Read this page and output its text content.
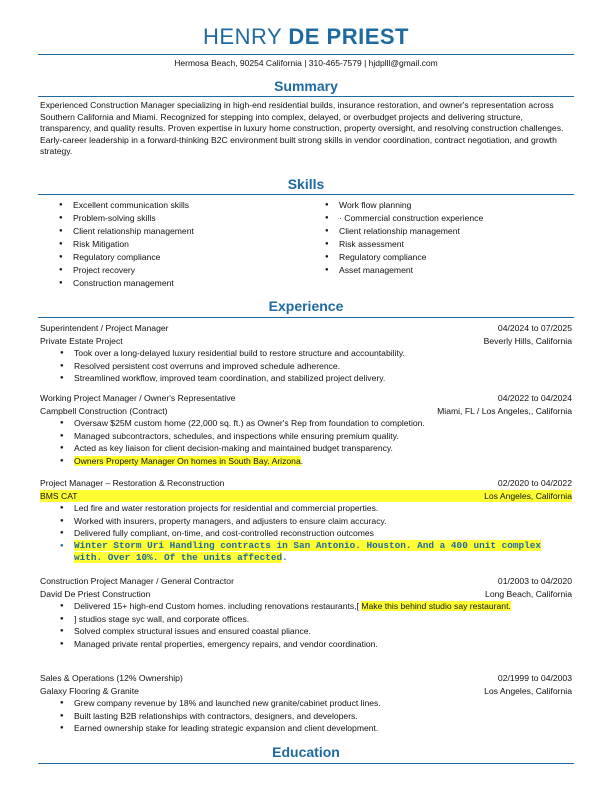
HENRY DE PRIEST
Hermosa Beach, 90254 California | 310-465-7579 | hjdplll@gmail.com
Summary

Experienced Construction Manager specializing in high-end residential builds, insurance restoration, and owner's representation across Southern California and Miami. Recognized for stepping into complex, delayed, or overbudget projects and delivering structure, transparency, and quality results. Proven expertise in luxury home construction, property oversight, and resolving construction challenges. Early-career leadership in a forward-thinking B2C environment built strong skills in vendor coordination, contract negotiation, and growth strategy.

Skills
● Excellent communication skills
● Problem-solving skills
● Client relationship management
● Risk Mitigation
● Regulatory compliance
● Project recovery
● Construction management
● Work flow planning
● · Commercial construction experience
● Client relationship management
● Risk assessment
● Regulatory compliance
● Asset management
Experience
Superintendent / Project Manager	04/2024 to 07/2025
Private Estate Project	Beverly Hills, California
● Took over a long-delayed luxury residential build to restore structure and accountability.
● Resolved persistent cost overruns and improved schedule adherence.
● Streamlined workflow, improved team coordination, and stabilized project delivery.
Working Project Manager / Owner's Representative	04/2022 to 04/2024
Campbell Construction (Contract)	Miami, FL / Los Angeles,, California
● Oversaw $25M custom home (22,000 sq. ft.) as Owner's Rep from foundation to completion.
● Managed subcontractors, schedules, and inspections while ensuring premium quality.
● Acted as key liaison for client decision-making and maintained budget transparency.
● Owners Property Manager On homes in South Bay. Arizona.
Project Manager – Restoration & Reconstruction	02/2020 to 04/2022
BMS CAT	Los Angeles, California
● Led fire and water restoration projects for residential and commercial properties.
● Worked with insurers, property managers, and adjusters to ensure claim accuracy.
● Delivered fully compliant, on-time, and cost-controlled reconstruction outcomes
● Winter Storm Uri Handling contracts in San Antonio. Houston. And a 400 unit complex with. Over 10%. Of the units affected.
Construction Project Manager / General Contractor	01/2003 to 04/2020
David De Priest Construction	Long Beach, California
● Delivered 15+ high-end Custom homes. including renovations restaurants,[ Make this behind studio say restaurant.
● ] studios stage syc wall, and corporate offices.
● Solved complex structural issues and ensured coastal pliance.
● Managed private rental properties, emergency repairs, and vendor coordination.
Sales & Operations (12% Ownership)	02/1999 to 04/2003
Galaxy Flooring & Granite	Los Angeles, California
● Grew company revenue by 18% and launched new granite/cabinet product lines.
● Built lasting B2B relationships with contractors, designers, and developers.
● Earned ownership stake for leading strategic expansion and client development.
Education
